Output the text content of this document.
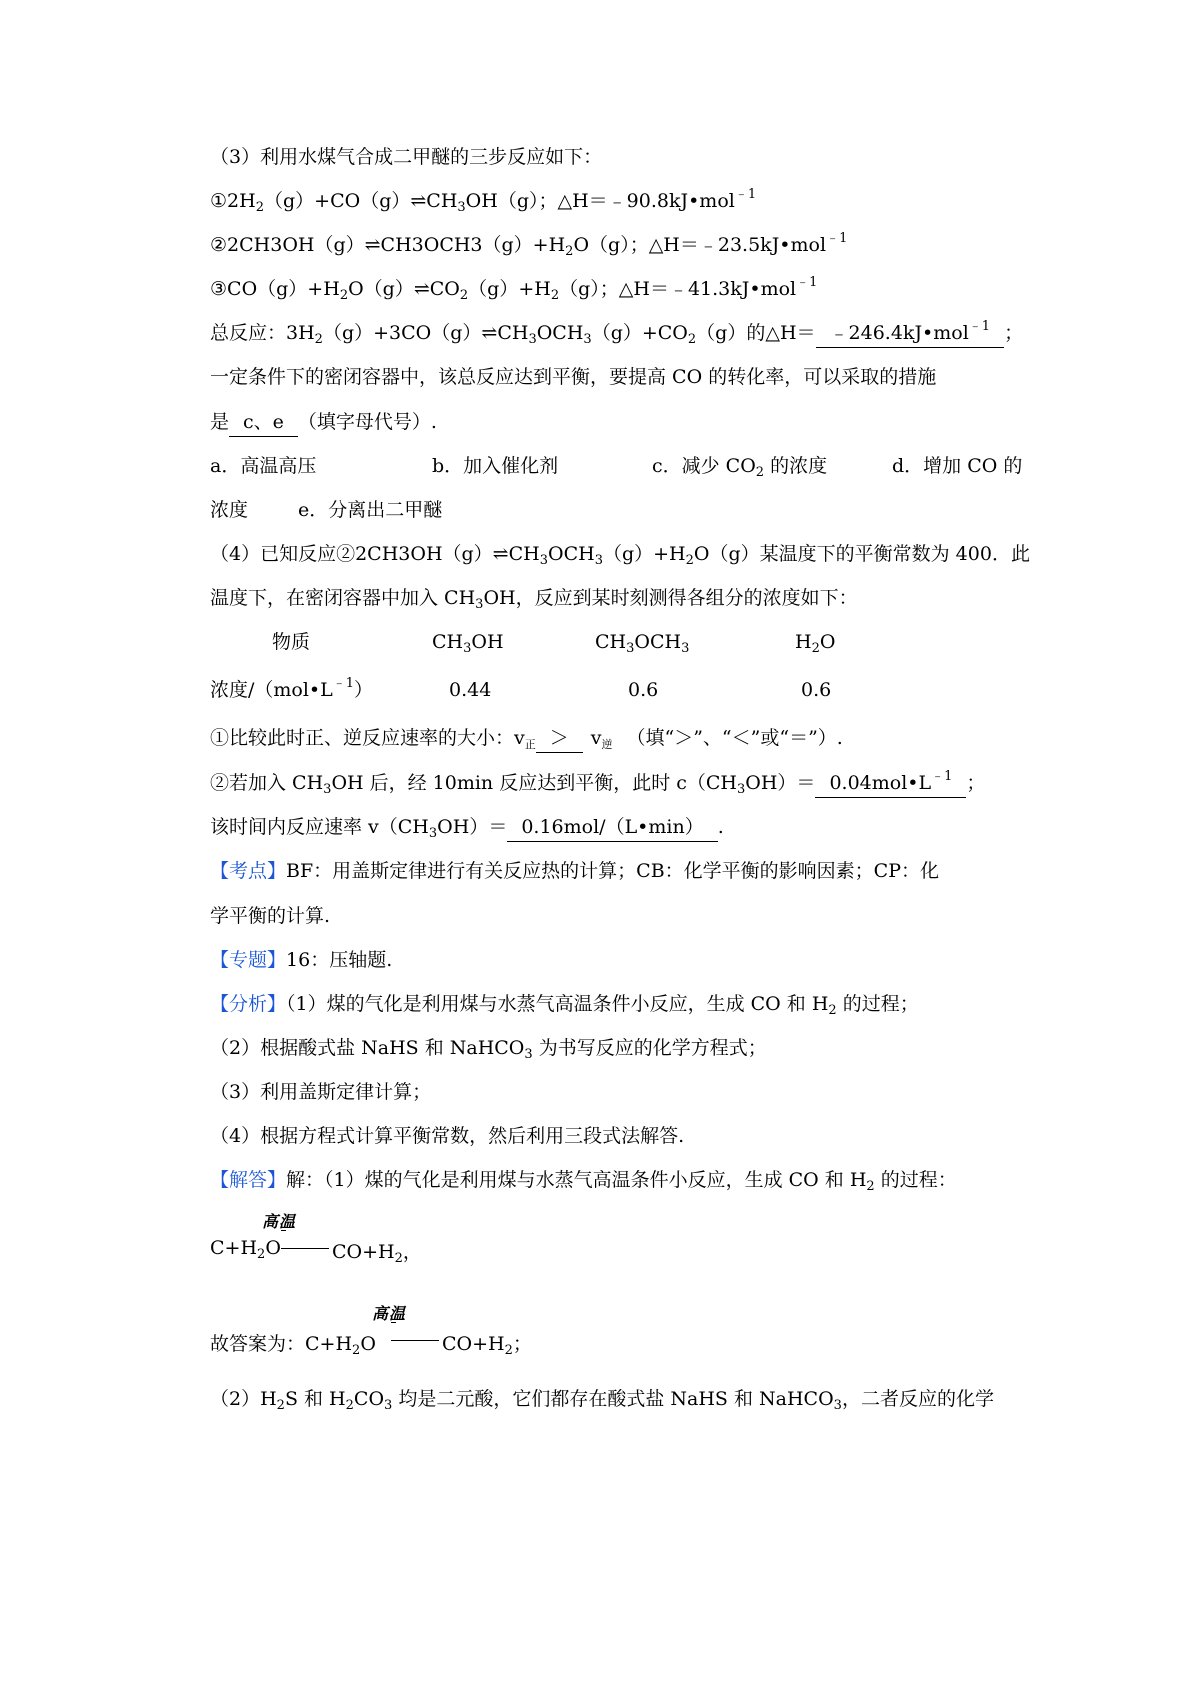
（3）利用水煤气合成二甲醚的三步反应如下：
$①2H_2(g)+CO(g)\rightleftharpoons CH_3OH(g)$；△H＝﹣90.8kJ•mol$^{﹣1}$
$②2CH3OH(g)\rightleftharpoons CH3OCH3(g)+H_2O(g)$；△H＝﹣23.5kJ•mol$^{﹣1}$
$③CO(g)+H_2O(g)\rightleftharpoons CO_2(g)+H_2(g)$；△H＝﹣41.3kJ•mol$^{﹣1}$
总反应：$3H_2(g)+3CO(g)\rightleftharpoons CH_3OCH_3(g)+CO_2(g)$的△H＝ ﹣246.4kJ•mol$^{﹣1}$ ；
一定条件下的密闭容器中，该总反应达到平衡，要提高 CO 的转化率，可以采取的措施
是 c、e （填字母代号）.
a．高温高压	b．加入催化剂	c．减少 $CO_2$ 的浓度	d．增加 CO 的
浓度	e．分离出二甲醚
（4）已知反应$②2CH3OH(g)\rightleftharpoons CH_3OCH_3(g)+H_2O(g)$某温度下的平衡常数为 400．此
温度下，在密闭容器中加入 $CH_3OH$，反应到某时刻测得各组分的浓度如下：
物质	$CH_3OH$	$CH_3OCH_3$	$H_2O$
浓度$/(mol•L^{﹣1})$	0.44	0.6	0.6
①比较此时正、逆反应速率的大小：$v_正 > v_逆$ （填“＞”、“＜”或“＝”）.
②若加入 $CH_3OH$ 后，经 10min 反应达到平衡，此时 $c(CH_3OH)=$ $0.04mol•L^{﹣1}$ ；
该时间内反应速率 $v(CH_3OH)=$ 0.16mol/（L•min） .
【考点】BF：用盖斯定律进行有关反应热的计算；CB：化学平衡的影响因素；CP：化
学平衡的计算.
【专题】16：压轴题.
【分析】（1）煤的气化是利用煤与水蒸气高温条件小反应，生成 CO 和 $H_2$ 的过程；
（2）根据酸式盐 NaHS 和 NaHCO$_3$ 为书写反应的化学方程式；
（3）利用盖斯定律计算；
（4）根据方程式计算平衡常数，然后利用三段式法解答.
【解答】解：（1）煤的气化是利用煤与水蒸气高温条件小反应，生成 CO 和 $H_2$ 的过程：
高温
$C+H_2O$	$CO+H_2$，
高温
故答案为：$C+H_2O$	$CO+H_2$；
$(2)H_2S$ 和 $H_2CO_3$ 均是二元酸，它们都存在酸式盐 NaHS 和 NaHCO$_3$，二者反应的化学
